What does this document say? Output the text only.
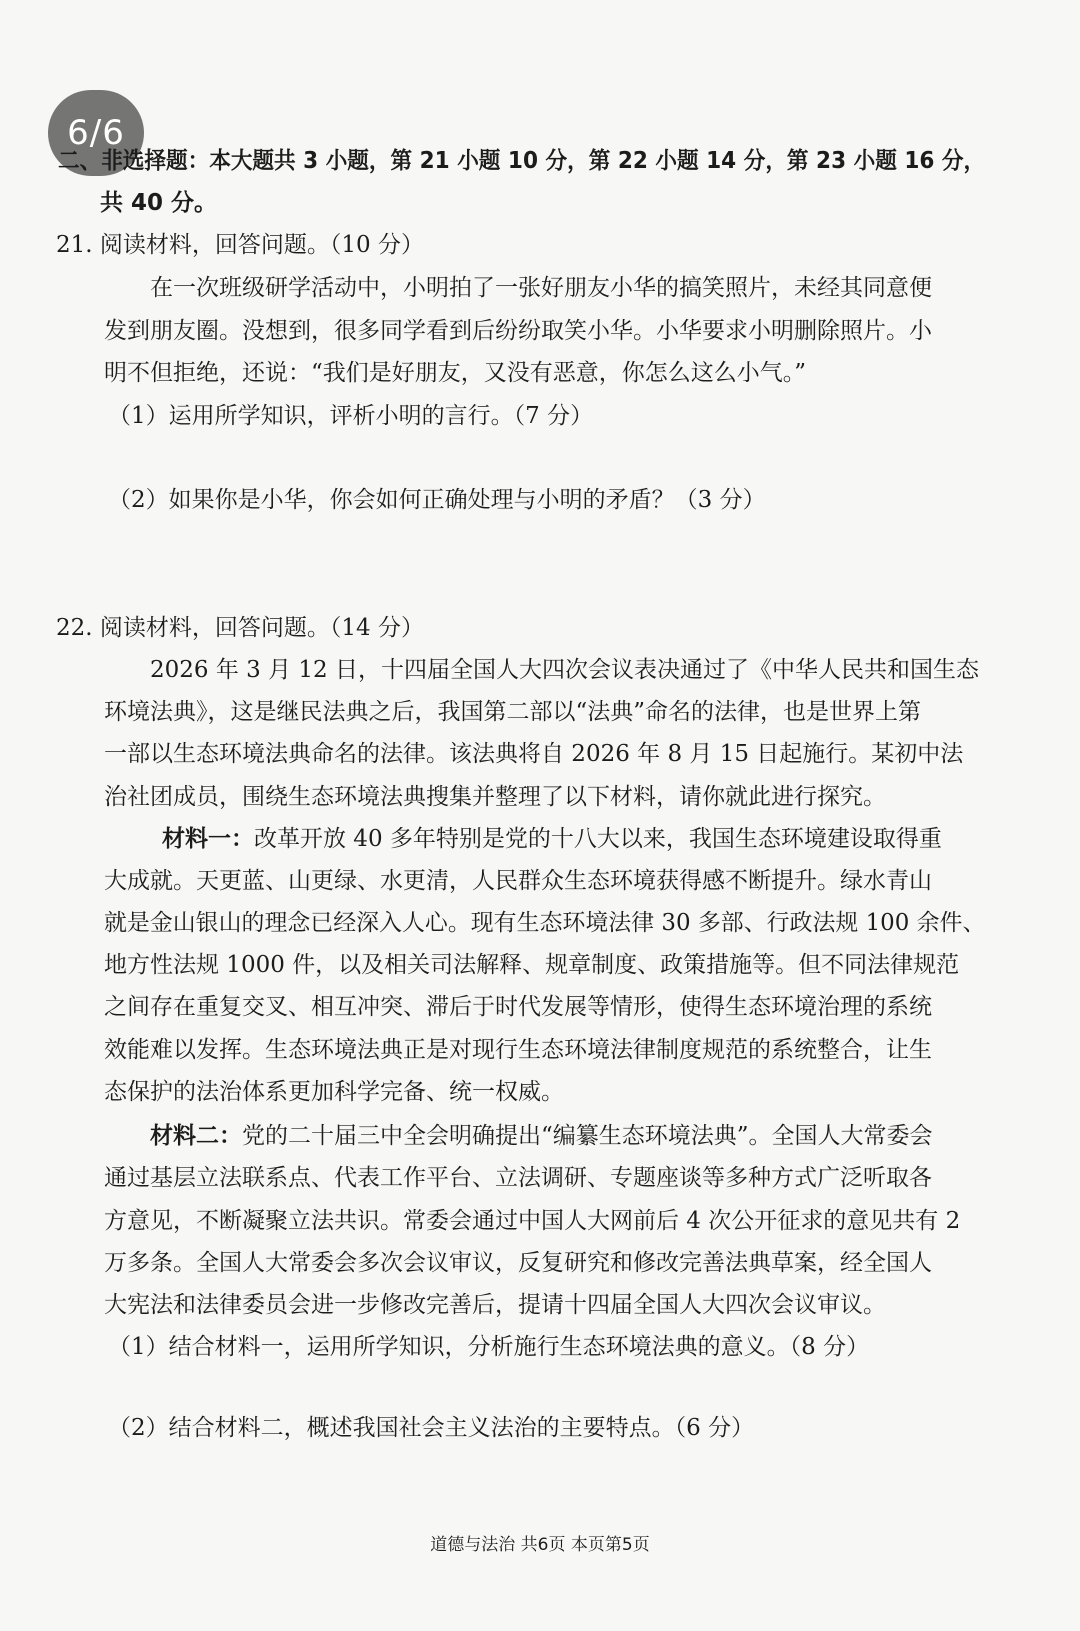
6/6
二、非选择题：本大题共 3 小题，第 21 小题 10 分，第 22 小题 14 分，第 23 小题 16 分，
共 40 分。
21. 阅读材料，回答问题。（10 分）
在一次班级研学活动中，小明拍了一张好朋友小华的搞笑照片，未经其同意便
发到朋友圈。没想到，很多同学看到后纷纷取笑小华。小华要求小明删除照片。小
明不但拒绝，还说：“我们是好朋友，又没有恶意，你怎么这么小气。”
（1）运用所学知识，评析小明的言行。（7 分）
（2）如果你是小华，你会如何正确处理与小明的矛盾？（3 分）
22. 阅读材料，回答问题。（14 分）
2026 年 3 月 12 日，十四届全国人大四次会议表决通过了《中华人民共和国生态
环境法典》，这是继民法典之后，我国第二部以“法典”命名的法律，也是世界上第
一部以生态环境法典命名的法律。该法典将自 2026 年 8 月 15 日起施行。某初中法
治社团成员，围绕生态环境法典搜集并整理了以下材料，请你就此进行探究。
材料一：改革开放 40 多年特别是党的十八大以来，我国生态环境建设取得重
大成就。天更蓝、山更绿、水更清，人民群众生态环境获得感不断提升。绿水青山
就是金山银山的理念已经深入人心。现有生态环境法律 30 多部、行政法规 100 余件、
地方性法规 1000 件，以及相关司法解释、规章制度、政策措施等。但不同法律规范
之间存在重复交叉、相互冲突、滞后于时代发展等情形，使得生态环境治理的系统
效能难以发挥。生态环境法典正是对现行生态环境法律制度规范的系统整合，让生
态保护的法治体系更加科学完备、统一权威。
材料二：党的二十届三中全会明确提出“编纂生态环境法典”。全国人大常委会
通过基层立法联系点、代表工作平台、立法调研、专题座谈等多种方式广泛听取各
方意见，不断凝聚立法共识。常委会通过中国人大网前后 4 次公开征求的意见共有 2
万多条。全国人大常委会多次会议审议，反复研究和修改完善法典草案，经全国人
大宪法和法律委员会进一步修改完善后，提请十四届全国人大四次会议审议。
（1）结合材料一，运用所学知识，分析施行生态环境法典的意义。（8 分）
（2）结合材料二，概述我国社会主义法治的主要特点。（6 分）
道德与法治 共6页 本页第5页
